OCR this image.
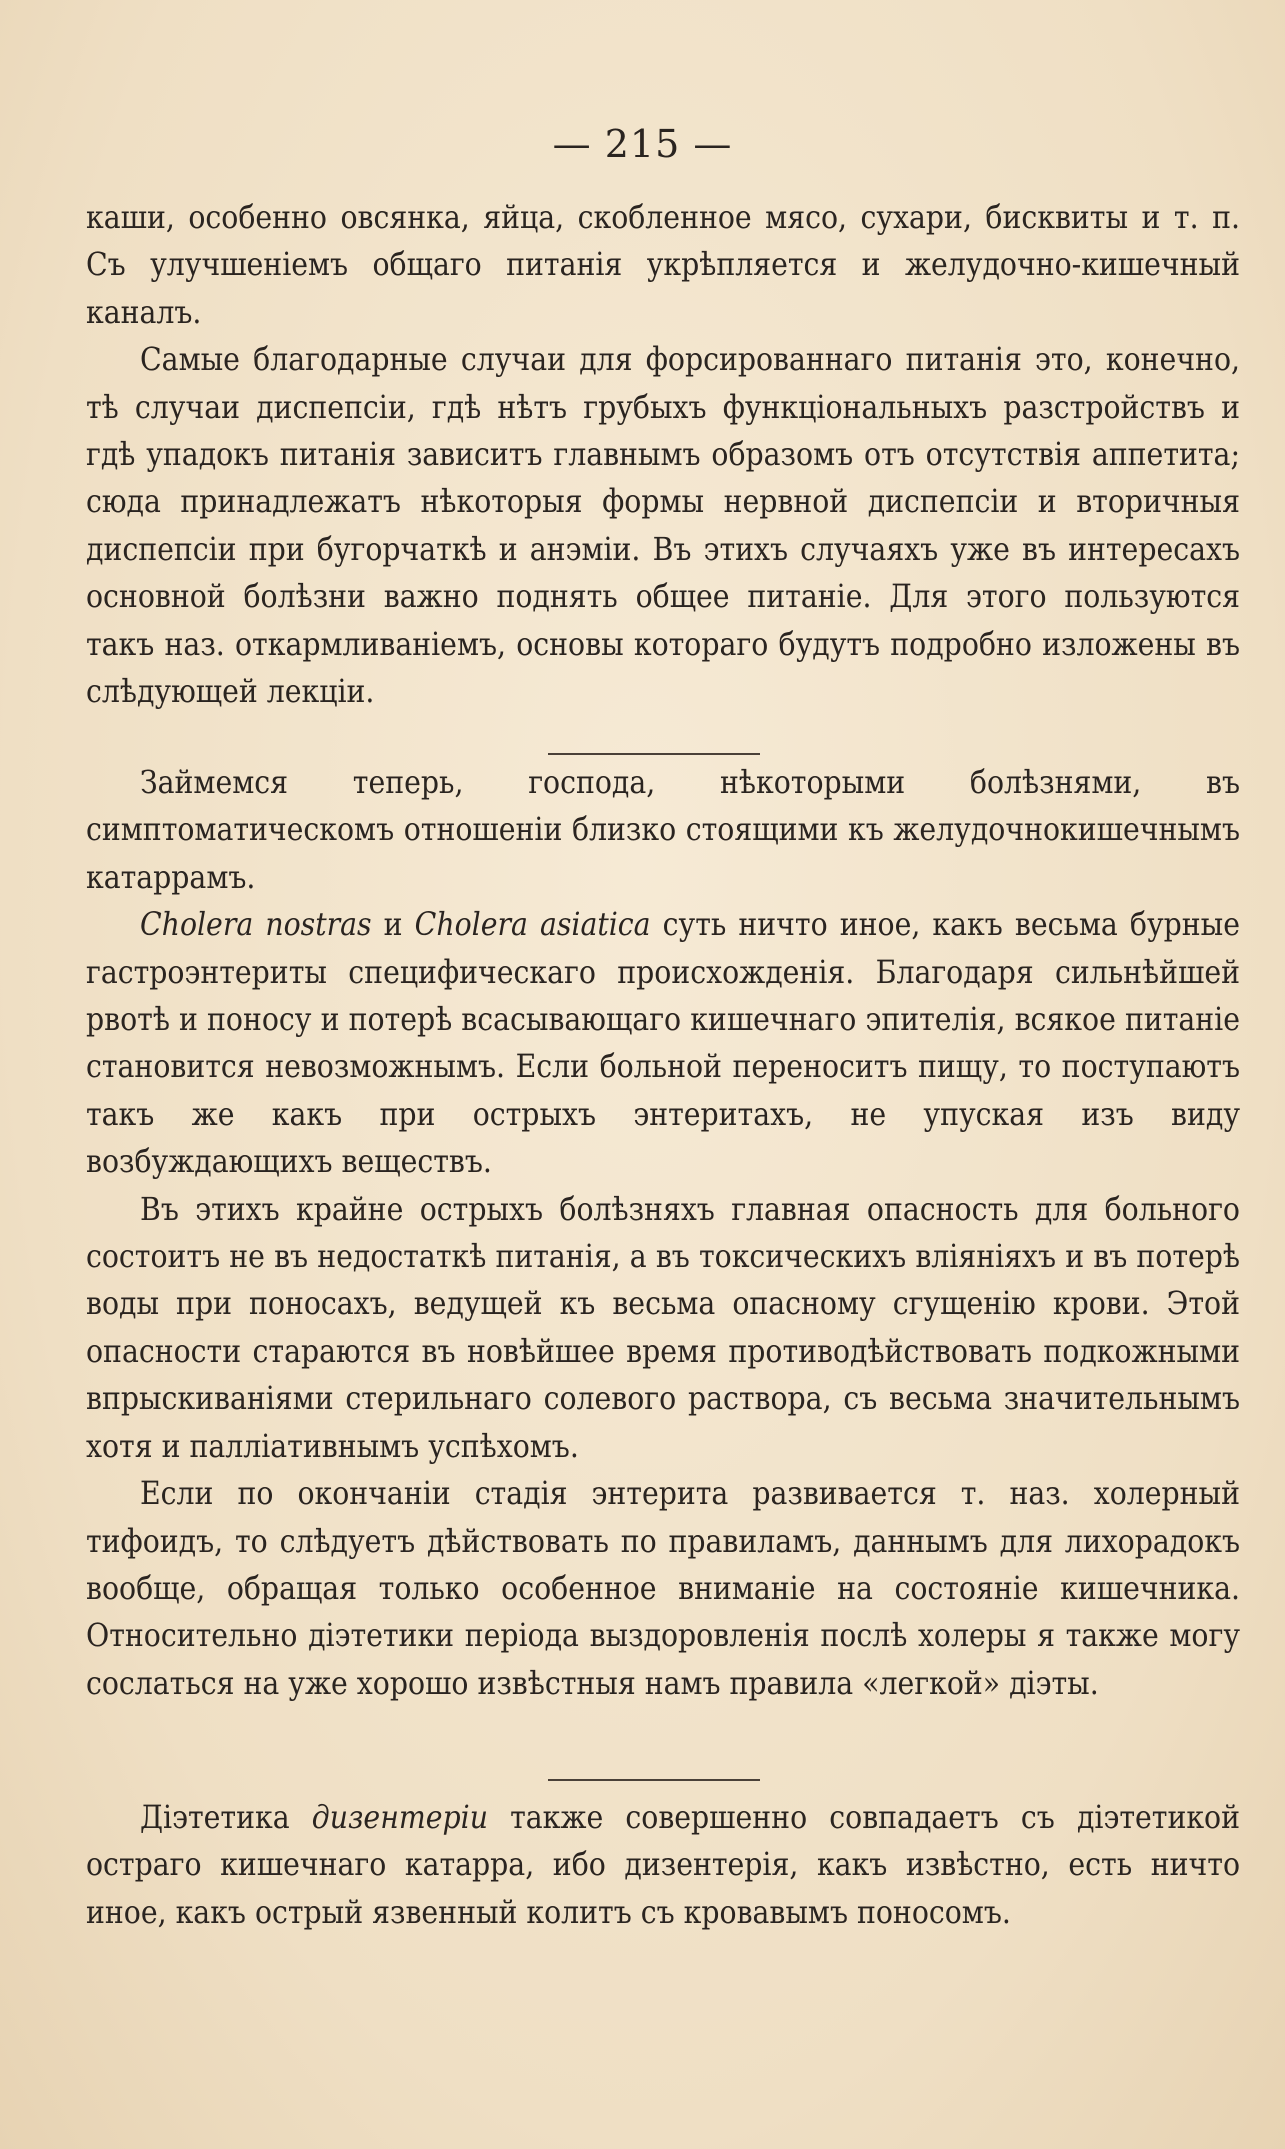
— 215 —

каши, особенно овсянка, яйца, скобленное мясо, сухари, бисквиты и т. п. Съ улучшеніемъ общаго питанія укрѣпляется и желудочно-кишечный каналъ.

Самые благодарные случаи для форсированнаго питанія это, конечно, тѣ случаи диспепсіи, гдѣ нѣтъ грубыхъ функціональныхъ разстройствъ и гдѣ упадокъ питанія зависитъ главнымъ образомъ отъ отсутствія аппетита; сюда принадлежатъ нѣкоторыя формы нервной диспепсіи и вторичныя диспепсіи при бугорчаткѣ и анэміи. Въ этихъ случаяхъ уже въ интересахъ основной болѣзни важно поднять общее питаніе. Для этого пользуются такъ наз. откармливаніемъ, основы котораго будутъ подробно изложены въ слѣдующей лекціи.

Займемся теперь, господа, нѣкоторыми болѣзнями, въ симптоматическомъ отношеніи близко стоящими къ желудочнокишечнымъ катаррамъ.

Cholera nostras и Cholera asiatica суть ничто иное, какъ весьма бурные гастроэнтериты специфическаго происхожденія. Благодаря сильнѣйшей рвотѣ и поносу и потерѣ всасывающаго кишечнаго эпителія, всякое питаніе становится невозможнымъ. Если больной переноситъ пищу, то поступаютъ такъ же какъ при острыхъ энтеритахъ, не упуская изъ виду возбуждающихъ веществъ.

Въ этихъ крайне острыхъ болѣзняхъ главная опасность для больного состоитъ не въ недостаткѣ питанія, а въ токсическихъ вліяніяхъ и въ потерѣ воды при поносахъ, ведущей къ весьма опасному сгущенію крови. Этой опасности стараются въ новѣйшее время противодѣйствовать подкожными впрыскиваніями стерильнаго солевого раствора, съ весьма значительнымъ хотя и палліативнымъ успѣхомъ.

Если по окончаніи стадія энтерита развивается т. наз. холерный тифоидъ, то слѣдуетъ дѣйствовать по правиламъ, даннымъ для лихорадокъ вообще, обращая только особенное вниманіе на состояніе кишечника. Относительно діэтетики періода выздоровленія послѣ холеры я также могу сослаться на уже хорошо извѣстныя намъ правила «легкой» діэты.

Діэтетика дизентеріи также совершенно совпадаетъ съ діэтетикой остраго кишечнаго катарра, ибо дизентерія, какъ извѣстно, есть ничто иное, какъ острый язвенный колитъ съ кровавымъ поносомъ.
